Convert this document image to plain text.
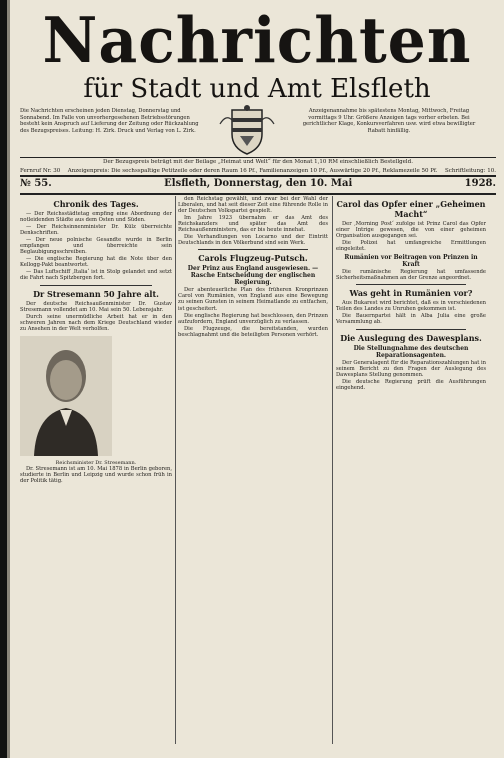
Nachrichten
für Stadt und Amt Elsfleth
Die Nachrichten erscheinen jeden Dienstag, Donnerstag und Sonnabend. Im Falle von unvorhergesehenen Betriebsstörungen besteht kein Anspruch auf Lieferung der Zeitung oder Rückzahlung des Bezugspreises. Leitung: H. Zirk. Druck und Verlag von L. Zirk.
Anzeigenannahme bis spätestens Montag, Mittwoch, Freitag vormittags 9 Uhr. Größere Anzeigen tags vorher erbeten. Bei gerichtlicher Klage, Konkursverfahren usw. wird etwa bewilligter Rabatt hinfällig.
Der Bezugspreis beträgt mit der Beilage „Heimat und Welt“ für den Monat 1,10 RM einschließlich Bestellgeld.
Fernruf Nr. 30	Anzeigenpreis: Die sechsspaltige Petitzeile oder deren Raum 16 Pf., Familienanzeigen 10 Pf., Auswärtige 20 Pf., Reklamezeile 50 Pf.	Schriftleitung: 10.
№ 55.	Elsfleth, Donnerstag, den 10. Mai	1928.
Chronik des Tages.

— Der Reichsstädtetag empfing eine Abordnung der notleidenden Städte aus dem Osten und Süden.

— Der Reichsinnenminister Dr. Külz überreichte Denkschriften.

— Der neue polnische Gesandte wurde in Berlin empfangen und überreichte sein Beglaubigungsschreiben.

— Die englische Regierung hat die Note über den Kellogg-Pakt beantwortet.

— Das Luftschiff ‚Italia‘ ist in Stolp gelandet und setzt die Fahrt nach Spitzbergen fort.

Dr Stresemann 50 Jahre alt.

Der deutsche Reichsaußenminister Dr. Gustav Stresemann vollendet am 10. Mai sein 50. Lebensjahr.

Durch seine unermüdliche Arbeit hat er in den schweren Jahren nach dem Kriege Deutschland wieder zu Ansehen in der Welt verholfen.

Reichsminister Dr. Stresemann.

Dr. Stresemann ist am 10. Mai 1878 in Berlin geboren, studierte in Berlin und Leipzig und wurde schon früh in der Politik tätig.

den Reichstag gewählt, und zwar bei der Wahl der Liberalen, und hat seit dieser Zeit eine führende Rolle in der Deutschen Volkspartei gespielt.

Im Jahre 1923 übernahm er das Amt des Reichskanzlers und später das Amt des Reichsaußenministers, das er bis heute innehat.

Die Verhandlungen von Locarno und der Eintritt Deutschlands in den Völkerbund sind sein Werk.

Carols Flugzeug-Putsch.
Der Prinz aus England ausgewiesen. — Rasche Entscheidung der englischen Regierung.

Der abenteuerliche Plan des früheren Kronprinzen Carol von Rumänien, von England aus eine Bewegung zu seinen Gunsten in seinem Heimatlande zu entfachen, ist gescheitert.

Die englische Regierung hat beschlossen, den Prinzen aufzufordern, England unverzüglich zu verlassen.

Die Flugzeuge, die bereitstanden, wurden beschlagnahmt und die beteiligten Personen verhört.

Carol das Opfer einer „Geheimen Macht“

Der ‚Morning Post‘ zufolge ist Prinz Carol das Opfer einer Intrige gewesen, die von einer geheimen Organisation ausgegangen sei.

Die Polizei hat umfangreiche Ermittlungen eingeleitet.

Rumänien vor Beitragen von Prinzen in Kraft

Die rumänische Regierung hat umfassende Sicherheitsmaßnahmen an der Grenze angeordnet.

Was geht in Rumänien vor?

Aus Bukarest wird berichtet, daß es in verschiedenen Teilen des Landes zu Unruhen gekommen ist.

Die Bauernpartei hält in Alba Julia eine große Versammlung ab.

Die Auslegung des Dawesplans.
Die Stellungnahme des deutschen Reparationsagenten.

Der Generalagent für die Reparationszahlungen hat in seinem Bericht zu den Fragen der Auslegung des Dawesplans Stellung genommen.

Die deutsche Regierung prüft die Ausführungen eingehend.
